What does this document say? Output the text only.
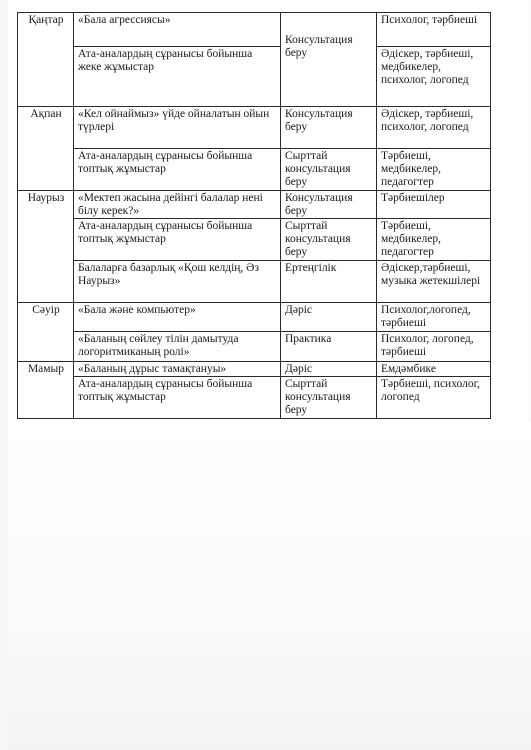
Қаңтар	«Бала агрессиясы»	Консультация беру	Психолог, тәрбиеші
	Ата-аналардың сұранысы бойынша жеке жұмыстар		Әдіскер, тәрбиеші, медбикелер, психолог, логопед
Ақпан	«Кел ойнаймыз» үйде ойналатын ойын түрлері	Консультация беру	Әдіскер, тәрбиеші, психолог, логопед
	Ата-аналардың сұранысы бойынша топтық жұмыстар	Сырттай консультация беру	Тәрбиеші, медбикелер, педагогтер
Наурыз	«Мектеп жасына дейінгі балалар нені білу керек?»	Консультация беру	Тәрбиешілер
	Ата-аналардың сұранысы бойынша топтық жұмыстар	Сырттай консультация беру	Тәрбиеші, медбикелер, педагогтер
	Балаларға базарлық «Қош келдің, Әз Наурыз»	Ертеңгілік	Әдіскер,тәрбиеші, музыка жетекшілері
Сәуір	«Бала және компьютер»	Дәріс	Психолог,логопед, тәрбиеші
	«Баланың сөйлеу тілін дамытуда логоритмиканың ролі»	Практика	Психолог, логопед, тәрбиеші
Мамыр	«Баланың дұрыс тамақтануы»	Дәріс	Емдәмбике
	Ата-аналардың сұранысы бойынша топтық жұмыстар	Сырттай консультация беру	Тәрбиеші, психолог, логопед
